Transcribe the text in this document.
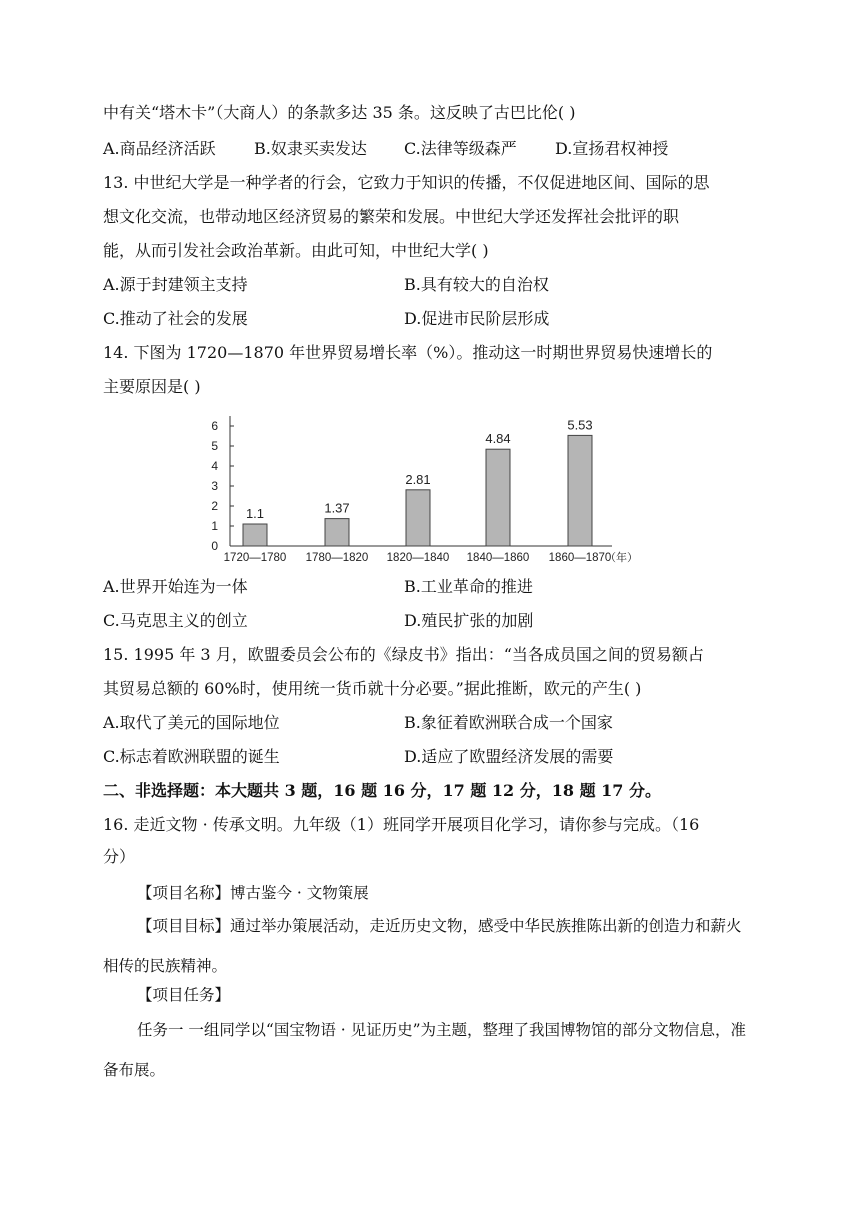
中有关“塔木卡”（大商人）的条款多达 35 条。这反映了古巴比伦( )
A.商品经济活跃 B.奴隶买卖发达 C.法律等级森严 D.宣扬君权神授
13. 中世纪大学是一种学者的行会，它致力于知识的传播，不仅促进地区间、国际的思
想文化交流，也带动地区经济贸易的繁荣和发展。中世纪大学还发挥社会批评的职
能，从而引发社会政治革新。由此可知，中世纪大学( )
A.源于封建领主支持	B.具有较大的自治权
C.推动了社会的发展	D.促进市民阶层形成
14. 下图为 1720—1870 年世界贸易增长率（%）。推动这一时期世界贸易快速增长的
主要原因是( )
0
1
2
3
4
5
6
1.1
1720—1780
1.37
1780—1820
2.81
1820—1840
4.84
1840—1860
5.53
1860—1870
（年）
A.世界开始连为一体	B.工业革命的推进
C.马克思主义的创立	D.殖民扩张的加剧
15. 1995 年 3 月，欧盟委员会公布的《绿皮书》指出：“当各成员国之间的贸易额占
其贸易总额的 60%时，使用统一货币就十分必要。”据此推断，欧元的产生( )
A.取代了美元的国际地位	B.象征着欧洲联合成一个国家
C.标志着欧洲联盟的诞生	D.适应了欧盟经济发展的需要
二、非选择题：本大题共 3 题，16 题 16 分，17 题 12 分，18 题 17 分。
16. 走近文物 · 传承文明。九年级（1）班同学开展项目化学习，请你参与完成。（16
分）
【项目名称】博古鉴今 · 文物策展
【项目目标】通过举办策展活动，走近历史文物，感受中华民族推陈出新的创造力和薪火相传的民族精神。
【项目任务】
任务一 一组同学以“国宝物语 · 见证历史”为主题，整理了我国博物馆的部分文物信息，准备布展。
